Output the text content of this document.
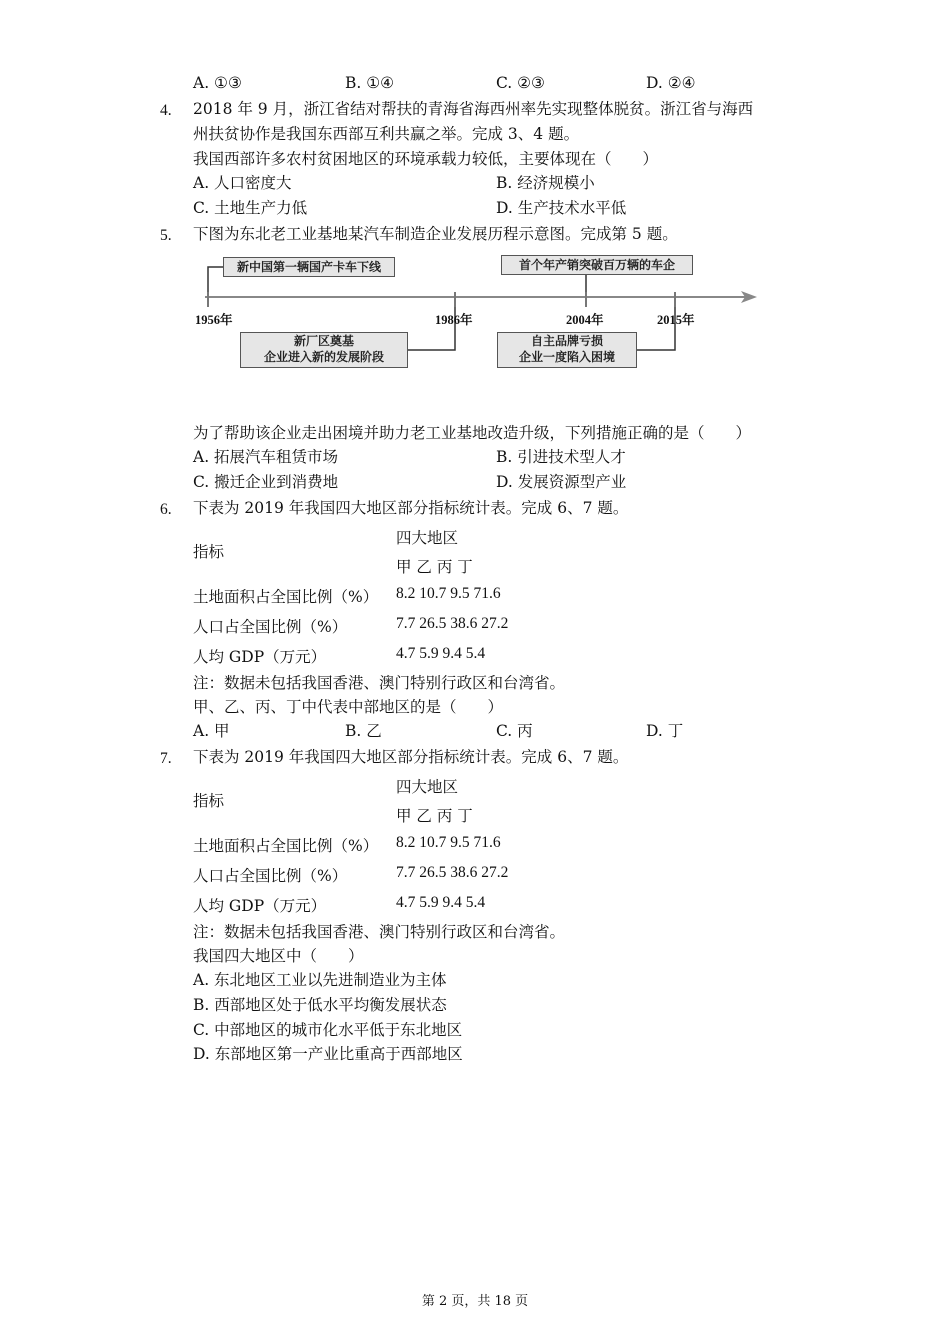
A. ①③	B. ①④	C. ②③	D. ②④
4. 2018 年 9 月，浙江省结对帮扶的青海省海西州率先实现整体脱贫。浙江省与海西
州扶贫协作是我国东西部互利共赢之举。完成 3、4 题。
我国西部许多农村贫困地区的环境承载力较低，主要体现在（　　）
A. 人口密度大	B. 经济规模小
C. 土地生产力低	D. 生产技术水平低
5. 下图为东北老工业基地某汽车制造企业发展历程示意图。完成第 5 题。
新中国第一辆国产卡车下线	首个年产销突破百万辆的车企
1956年	1986年	2004年	2015年
新厂区奠基
企业进入新的发展阶段
自主品牌亏损
企业一度陷入困境
为了帮助该企业走出困境并助力老工业基地改造升级，下列措施正确的是（　　）
A. 拓展汽车租赁市场	B. 引进技术型人才
C. 搬迁企业到消费地	D. 发展资源型产业
6. 下表为 2019 年我国四大地区部分指标统计表。完成 6、7 题。
指标
四大地区
甲 乙 丙 丁
土地面积占全国比例（%） 8.2 10.7 9.5 71.6
人口占全国比例（%）	7.7 26.5 38.6 27.2
人均 GDP（万元）	4.7 5.9 9.4 5.4
注：数据未包括我国香港、澳门特别行政区和台湾省。
甲、乙、丙、丁中代表中部地区的是（　　）
A. 甲	B. 乙	C. 丙	D. 丁
7. 下表为 2019 年我国四大地区部分指标统计表。完成 6、7 题。
指标
四大地区
甲 乙 丙 丁
土地面积占全国比例（%） 8.2 10.7 9.5 71.6
人口占全国比例（%）	7.7 26.5 38.6 27.2
人均 GDP（万元）	4.7 5.9 9.4 5.4
注：数据未包括我国香港、澳门特别行政区和台湾省。
我国四大地区中（　　）
A. 东北地区工业以先进制造业为主体
B. 西部地区处于低水平均衡发展状态
C. 中部地区的城市化水平低于东北地区
D. 东部地区第一产业比重高于西部地区
第 2 页，共 18 页
